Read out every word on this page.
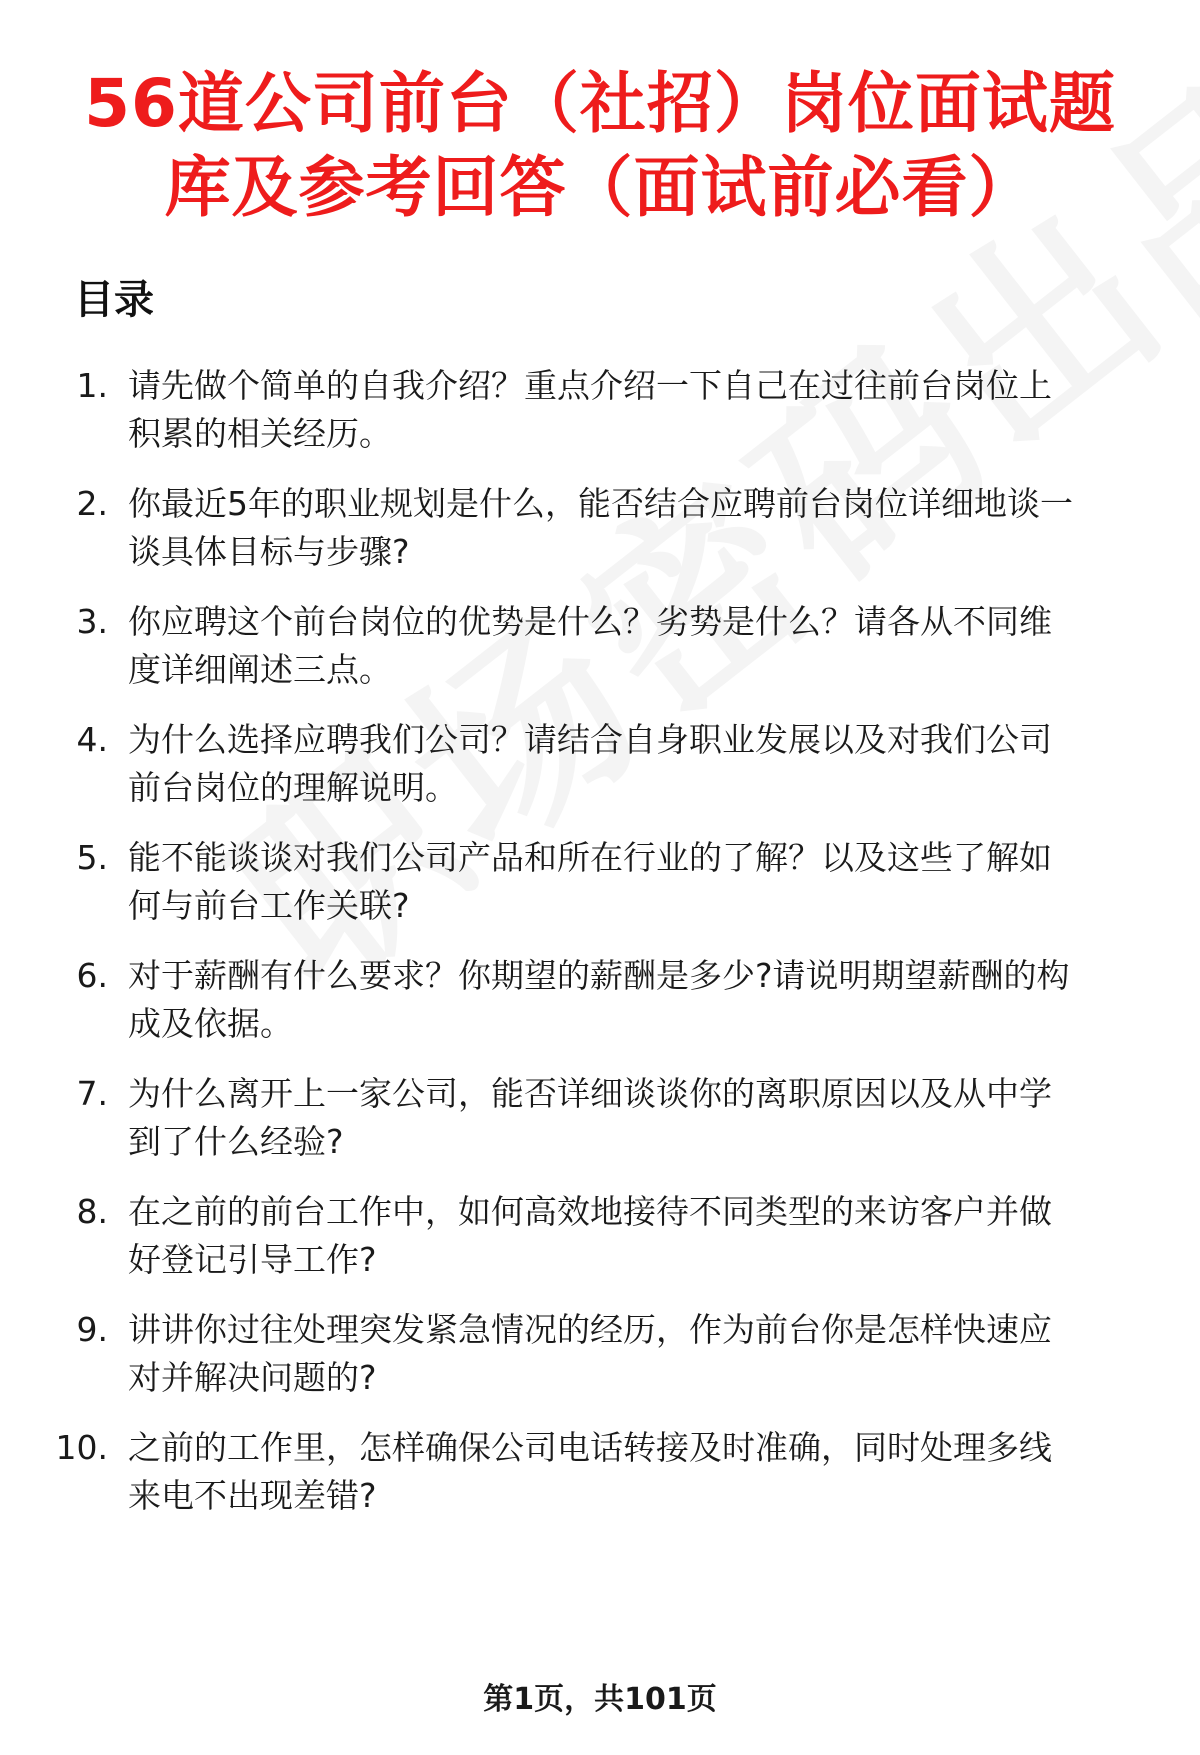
56道公司前台（社招）岗位面试题
库及参考回答（面试前必看）
目录
1. 请先做个简单的自我介绍？重点介绍一下自己在过往前台岗位上
积累的相关经历。
2. 你最近5年的职业规划是什么，能否结合应聘前台岗位详细地谈一
谈具体目标与步骤?
3. 你应聘这个前台岗位的优势是什么？劣势是什么？请各从不同维
度详细阐述三点。
4. 为什么选择应聘我们公司？请结合自身职业发展以及对我们公司
前台岗位的理解说明。
5. 能不能谈谈对我们公司产品和所在行业的了解？以及这些了解如
何与前台工作关联?
6. 对于薪酬有什么要求？你期望的薪酬是多少?请说明期望薪酬的构
成及依据。
7. 为什么离开上一家公司，能否详细谈谈你的离职原因以及从中学
到了什么经验?
8. 在之前的前台工作中，如何高效地接待不同类型的来访客户并做
好登记引导工作?
9. 讲讲你过往处理突发紧急情况的经历，作为前台你是怎样快速应
对并解决问题的?
10. 之前的工作里，怎样确保公司电话转接及时准确，同时处理多线
来电不出现差错?
第1页，共101页
